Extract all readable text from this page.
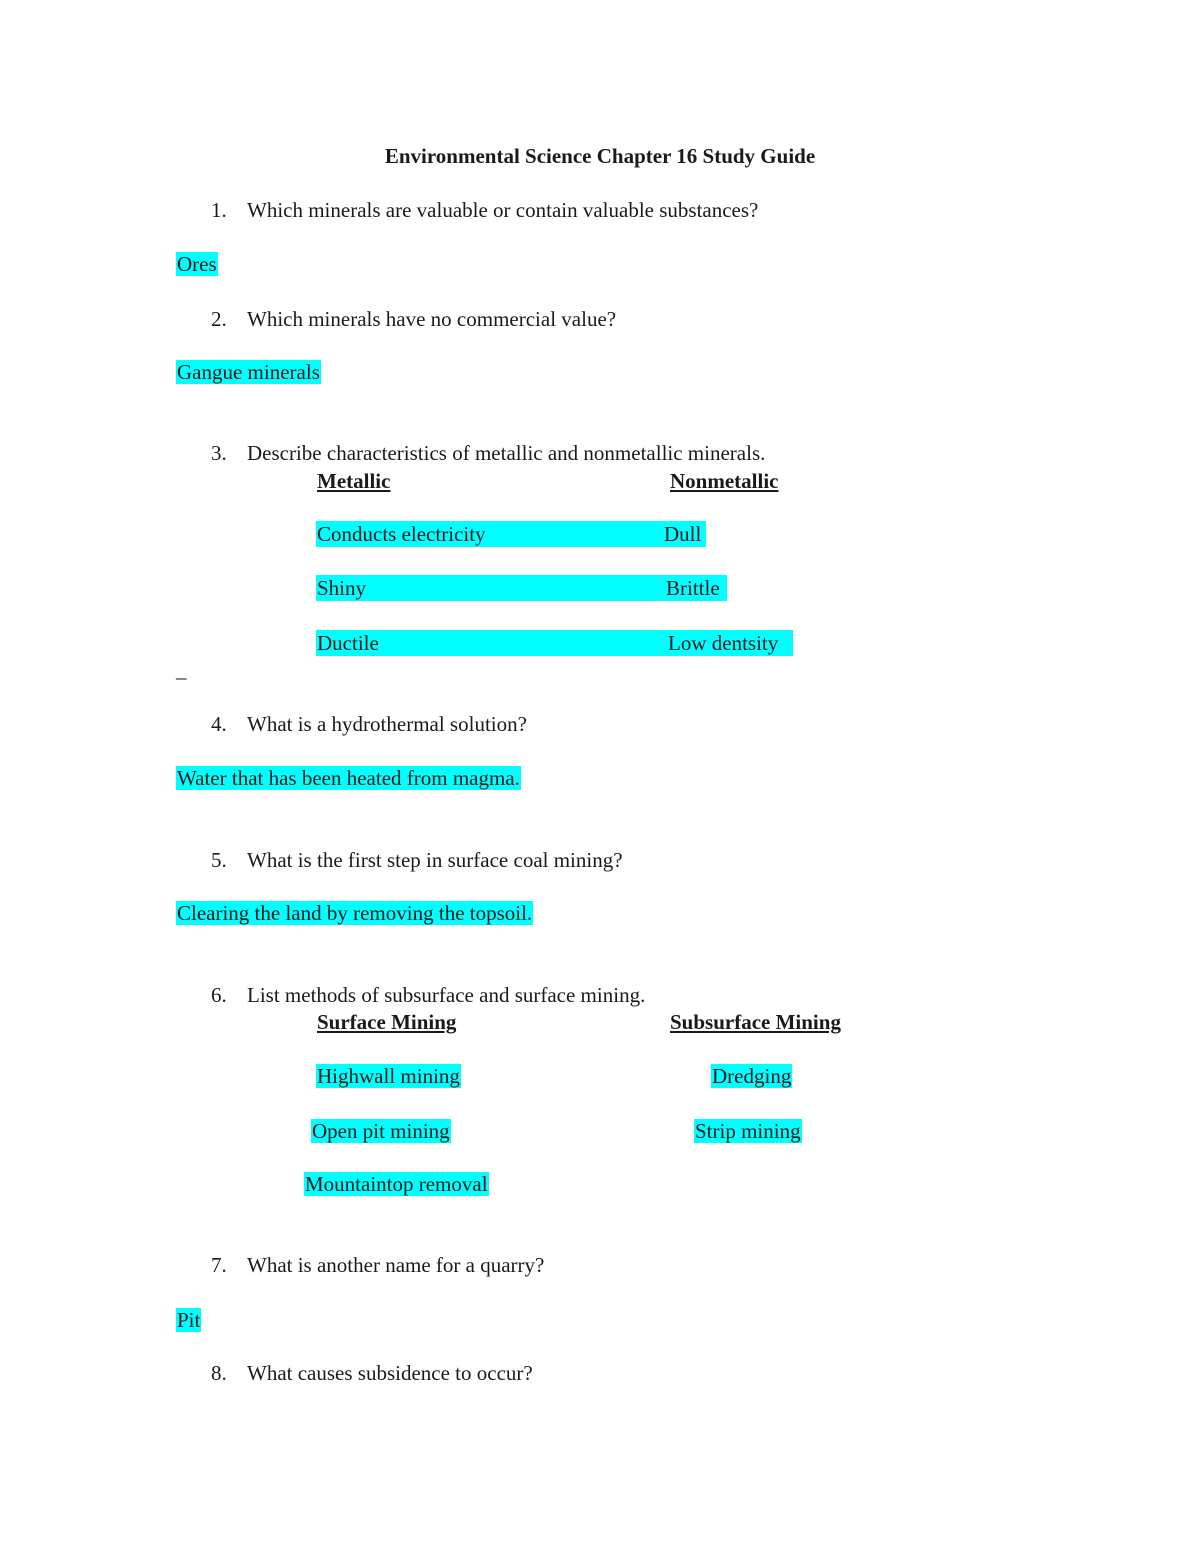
Environmental Science Chapter 16 Study Guide
1. Which minerals are valuable or contain valuable substances?
Ores
2. Which minerals have no commercial value?
Gangue minerals
3. Describe characteristics of metallic and nonmetallic minerals.
Metallic	Nonmetallic
Conducts electricity	Dull
Shiny	Brittle
Ductile	Low dentsity
–
4. What is a hydrothermal solution?
Water that has been heated from magma.
5. What is the first step in surface coal mining?
Clearing the land by removing the topsoil.
6. List methods of subsurface and surface mining.
Surface Mining	Subsurface Mining
Highwall mining	Dredging
Open pit mining	Strip mining
Mountaintop removal
7. What is another name for a quarry?
Pit
8. What causes subsidence to occur?
